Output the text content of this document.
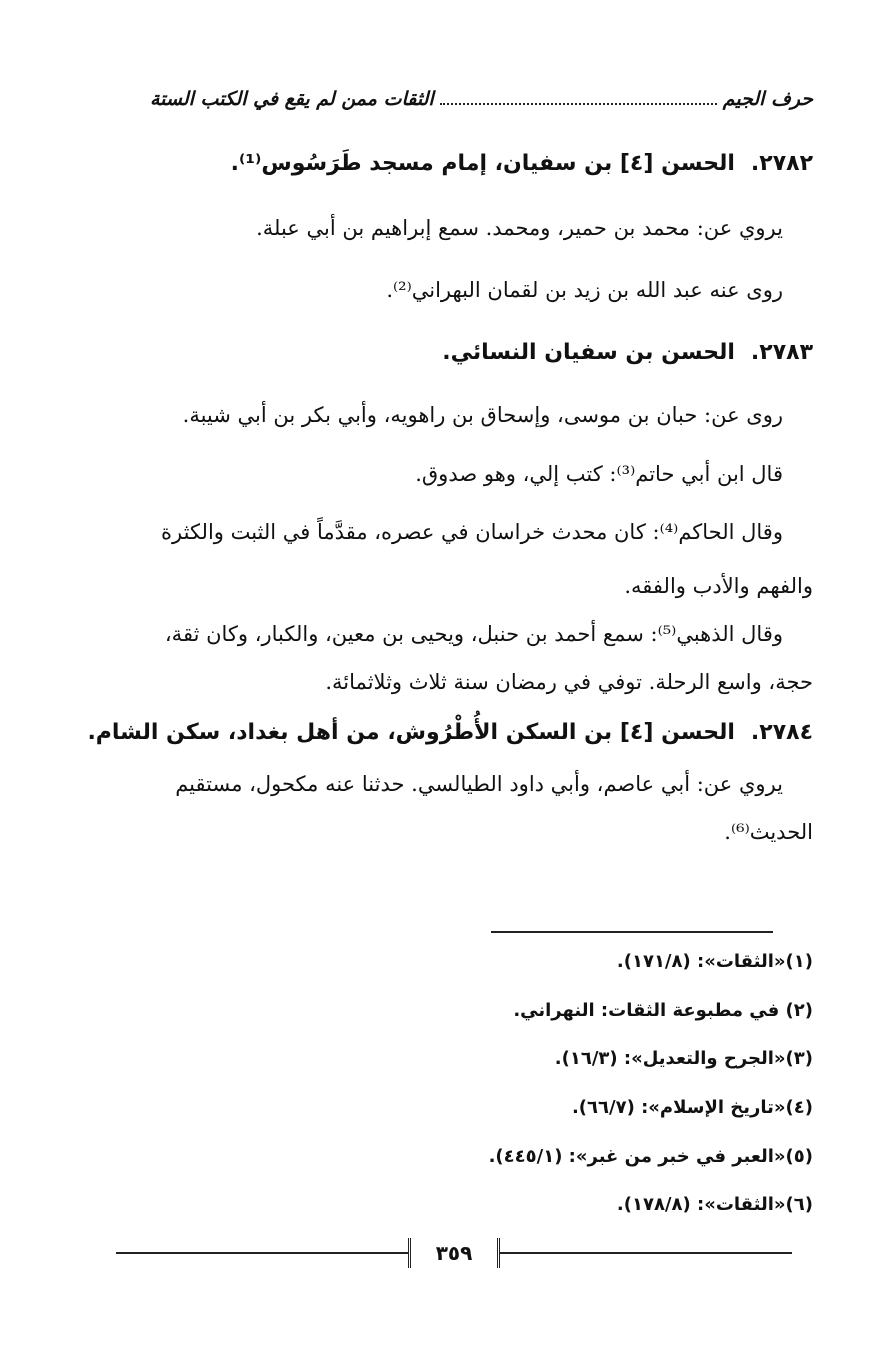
حرف الجيم
الثقات ممن لم يقع في الكتب الستة
٢٧٨٢.الحسن [٤] بن سفيان، إمام مسجد طَرَسُوس⁽¹⁾.
يروي عن: محمد بن حمير، ومحمد. سمع إبراهيم بن أبي عبلة.
روى عنه عبد الله بن زيد بن لقمان البهراني⁽²⁾.
٢٧٨٣.الحسن بن سفيان النسائي.
روى عن: حبان بن موسى، وإسحاق بن راهويه، وأبي بكر بن أبي شيبة.
قال ابن أبي حاتم⁽³⁾: كتب إلي، وهو صدوق.
وقال الحاكم⁽⁴⁾: كان محدث خراسان في عصره، مقدَّماً في الثبت والكثرة
والفهم والأدب والفقه.
وقال الذهبي⁽⁵⁾: سمع أحمد بن حنبل، ويحيى بن معين، والكبار، وكان ثقة،
حجة، واسع الرحلة. توفي في رمضان سنة ثلاث وثلاثمائة.
٢٧٨٤.الحسن [٤] بن السكن الأُطْرُوش، من أهل بغداد، سكن الشام.
يروي عن: أبي عاصم، وأبي داود الطيالسي. حدثنا عنه مكحول، مستقيم
الحديث⁽⁶⁾.
(١)«الثقات»: (١٧١/٨).
(٢) في مطبوعة الثقات: النهراني.
(٣)«الجرح والتعديل»: (١٦/٣).
(٤)«تاريخ الإسلام»: (٦٦/٧).
(٥)«العبر في خبر من غبر»: (٤٤٥/١).
(٦)«الثقات»: (١٧٨/٨).
٣٥٩
